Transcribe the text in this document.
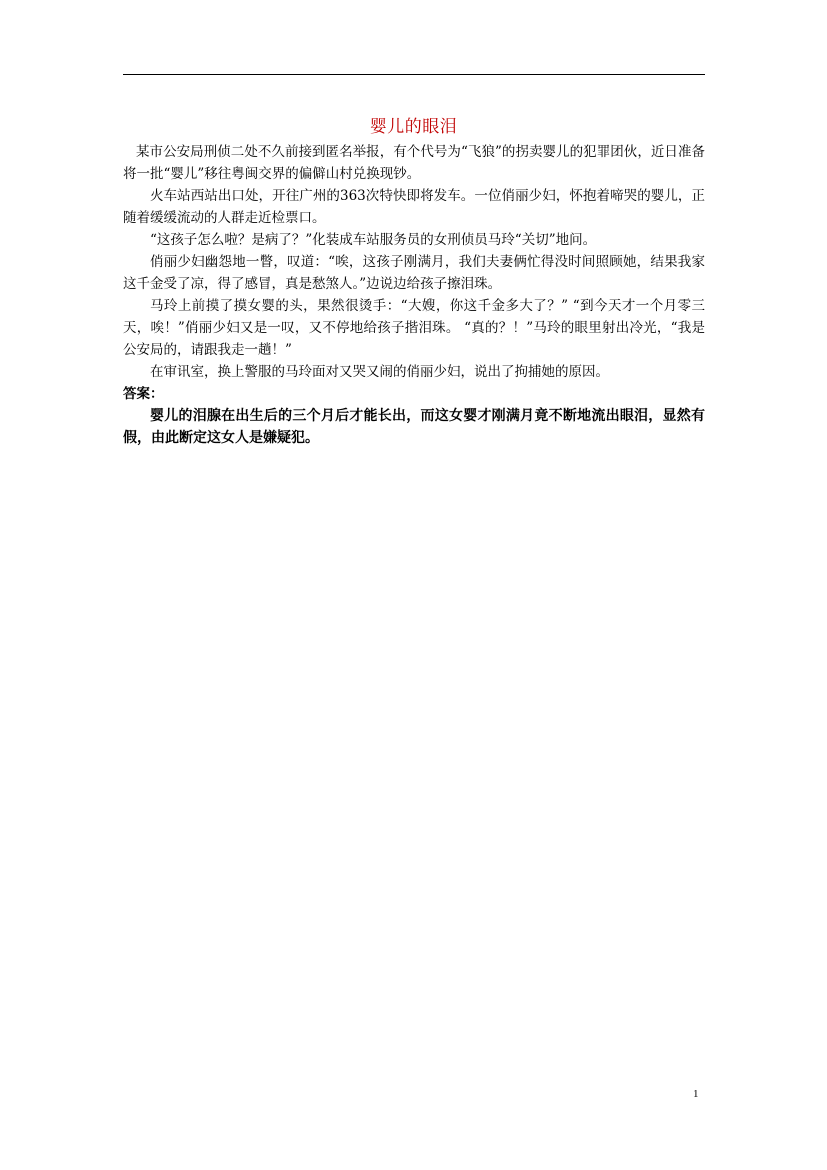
婴儿的眼泪

某市公安局刑侦二处不久前接到匿名举报，有个代号为“飞狼”的拐卖婴儿的犯罪团伙，近日准备将一批“婴儿”移往粤闽交界的偏僻山村兑换现钞。

火车站西站出口处，开往广州的363次特快即将发车。一位俏丽少妇，怀抱着啼哭的婴儿，正随着缓缓流动的人群走近检票口。

“这孩子怎么啦？是病了？”化装成车站服务员的女刑侦员马玲“关切”地问。

俏丽少妇幽怨地一瞥，叹道：“唉，这孩子刚满月，我们夫妻俩忙得没时间照顾她，结果我家这千金受了凉，得了感冒，真是愁煞人。”边说边给孩子擦泪珠。

马玲上前摸了摸女婴的头，果然很烫手：“大嫂，你这千金多大了？” “到今天才一个月零三天，唉！”俏丽少妇又是一叹，又不停地给孩子揩泪珠。 “真的？！”马玲的眼里射出冷光，“我是公安局的，请跟我走一趟！”

在审讯室，换上警服的马玲面对又哭又闹的俏丽少妇，说出了拘捕她的原因。

答案：

婴儿的泪腺在出生后的三个月后才能长出，而这女婴才刚满月竟不断地流出眼泪，显然有假，由此断定这女人是嫌疑犯。

1
